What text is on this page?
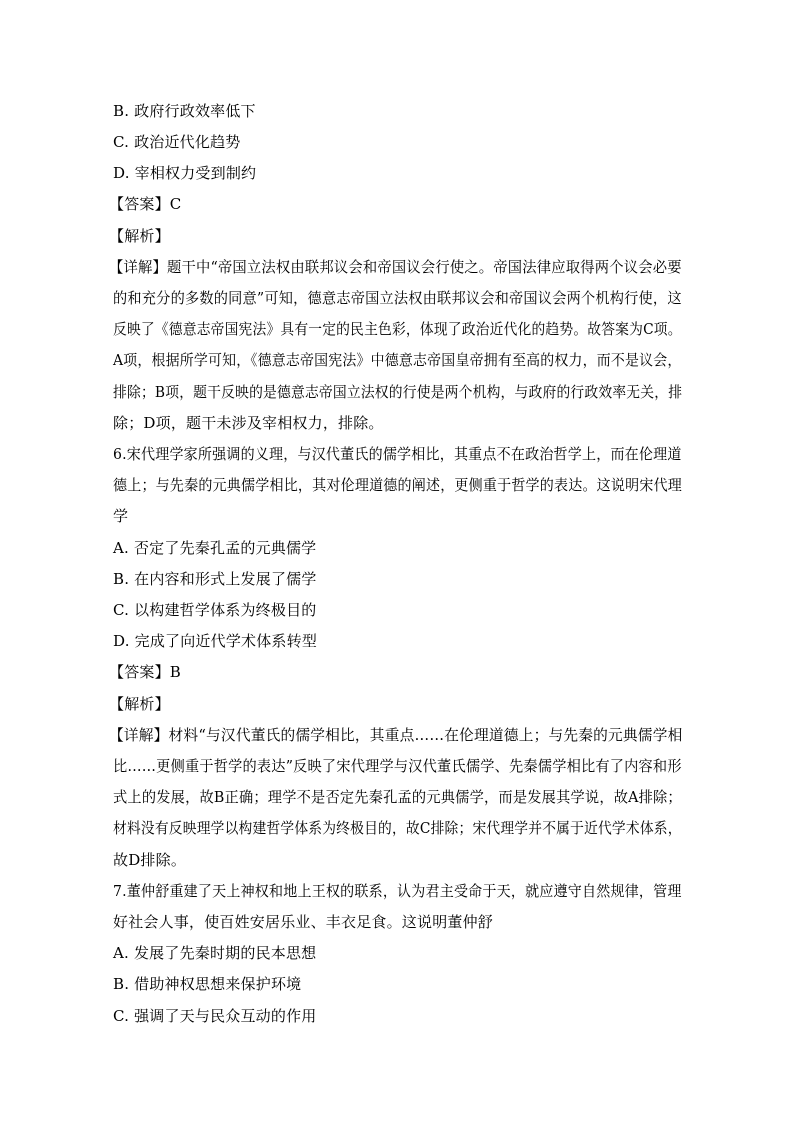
B. 政府行政效率低下
C. 政治近代化趋势
D. 宰相权力受到制约
【答案】C
【解析】
【详解】题干中“帝国立法权由联邦议会和帝国议会行使之。帝国法律应取得两个议会必要
的和充分的多数的同意”可知，德意志帝国立法权由联邦议会和帝国议会两个机构行使，这
反映了《德意志帝国宪法》具有一定的民主色彩，体现了政治近代化的趋势。故答案为C项。
A项，根据所学可知，《德意志帝国宪法》中德意志帝国皇帝拥有至高的权力，而不是议会，
排除；B项，题干反映的是德意志帝国立法权的行使是两个机构，与政府的行政效率无关，排
除；D项，题干未涉及宰相权力，排除。
6.宋代理学家所强调的义理，与汉代董氏的儒学相比，其重点不在政治哲学上，而在伦理道
德上；与先秦的元典儒学相比，其对伦理道德的阐述，更侧重于哲学的表达。这说明宋代理
学
A. 否定了先秦孔孟的元典儒学
B. 在内容和形式上发展了儒学
C. 以构建哲学体系为终极目的
D. 完成了向近代学术体系转型
【答案】B
【解析】
【详解】材料“与汉代董氏的儒学相比，其重点……在伦理道德上；与先秦的元典儒学相
比……更侧重于哲学的表达”反映了宋代理学与汉代董氏儒学、先秦儒学相比有了内容和形
式上的发展，故B正确；理学不是否定先秦孔孟的元典儒学，而是发展其学说，故A排除；
材料没有反映理学以构建哲学体系为终极目的，故C排除；宋代理学并不属于近代学术体系，
故D排除。
7.董仲舒重建了天上神权和地上王权的联系，认为君主受命于天，就应遵守自然规律，管理
好社会人事，使百姓安居乐业、丰衣足食。这说明董仲舒
A. 发展了先秦时期的民本思想
B. 借助神权思想来保护环境
C. 强调了天与民众互动的作用
